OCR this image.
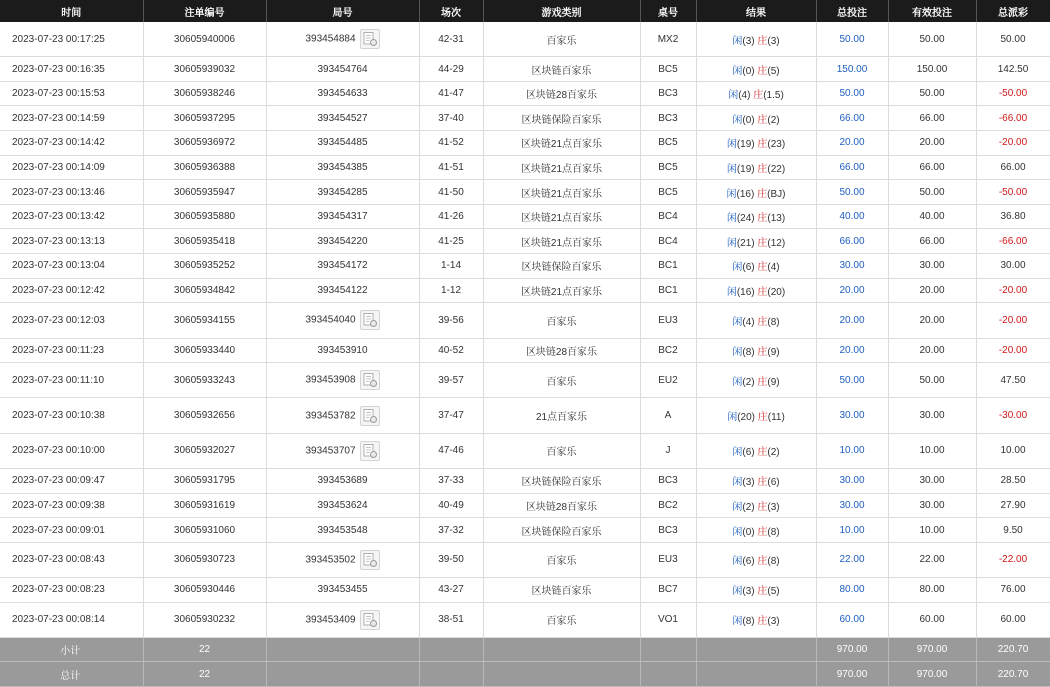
时间	注单编号	局号	场次	游戏类别	桌号	结果	总投注	有效投注	总派彩
2023-07-23 00:17:25	30605940006	393454884	42-31	百家乐	MX2	闲(3) 庄(3)	50.00	50.00	50.00
2023-07-23 00:16:35	30605939032	393454764	44-29	区块链百家乐	BC5	闲(0) 庄(5)	150.00	150.00	142.50
2023-07-23 00:15:53	30605938246	393454633	41-47	区块链28百家乐	BC3	闲(4) 庄(1.5)	50.00	50.00	-50.00
2023-07-23 00:14:59	30605937295	393454527	37-40	区块链保险百家乐	BC3	闲(0) 庄(2)	66.00	66.00	-66.00
2023-07-23 00:14:42	30605936972	393454485	41-52	区块链21点百家乐	BC5	闲(19) 庄(23)	20.00	20.00	-20.00
2023-07-23 00:14:09	30605936388	393454385	41-51	区块链21点百家乐	BC5	闲(19) 庄(22)	66.00	66.00	66.00
2023-07-23 00:13:46	30605935947	393454285	41-50	区块链21点百家乐	BC5	闲(16) 庄(BJ)	50.00	50.00	-50.00
2023-07-23 00:13:42	30605935880	393454317	41-26	区块链21点百家乐	BC4	闲(24) 庄(13)	40.00	40.00	36.80
2023-07-23 00:13:13	30605935418	393454220	41-25	区块链21点百家乐	BC4	闲(21) 庄(12)	66.00	66.00	-66.00
2023-07-23 00:13:04	30605935252	393454172	1-14	区块链保险百家乐	BC1	闲(6) 庄(4)	30.00	30.00	30.00
2023-07-23 00:12:42	30605934842	393454122	1-12	区块链21点百家乐	BC1	闲(16) 庄(20)	20.00	20.00	-20.00
2023-07-23 00:12:03	30605934155	393454040	39-56	百家乐	EU3	闲(4) 庄(8)	20.00	20.00	-20.00
2023-07-23 00:11:23	30605933440	393453910	40-52	区块链28百家乐	BC2	闲(8) 庄(9)	20.00	20.00	-20.00
2023-07-23 00:11:10	30605933243	393453908	39-57	百家乐	EU2	闲(2) 庄(9)	50.00	50.00	47.50
2023-07-23 00:10:38	30605932656	393453782	37-47	21点百家乐	A	闲(20) 庄(11)	30.00	30.00	-30.00
2023-07-23 00:10:00	30605932027	393453707	47-46	百家乐	J	闲(6) 庄(2)	10.00	10.00	10.00
2023-07-23 00:09:47	30605931795	393453689	37-33	区块链保险百家乐	BC3	闲(3) 庄(6)	30.00	30.00	28.50
2023-07-23 00:09:38	30605931619	393453624	40-49	区块链28百家乐	BC2	闲(2) 庄(3)	30.00	30.00	27.90
2023-07-23 00:09:01	30605931060	393453548	37-32	区块链保险百家乐	BC3	闲(0) 庄(8)	10.00	10.00	9.50
2023-07-23 00:08:43	30605930723	393453502	39-50	百家乐	EU3	闲(6) 庄(8)	22.00	22.00	-22.00
2023-07-23 00:08:23	30605930446	393453455	43-27	区块链百家乐	BC7	闲(3) 庄(5)	80.00	80.00	76.00
2023-07-23 00:08:14	30605930232	393453409	38-51	百家乐	VO1	闲(8) 庄(3)	60.00	60.00	60.00
小计	22						970.00	970.00	220.70
总计	22						970.00	970.00	220.70
